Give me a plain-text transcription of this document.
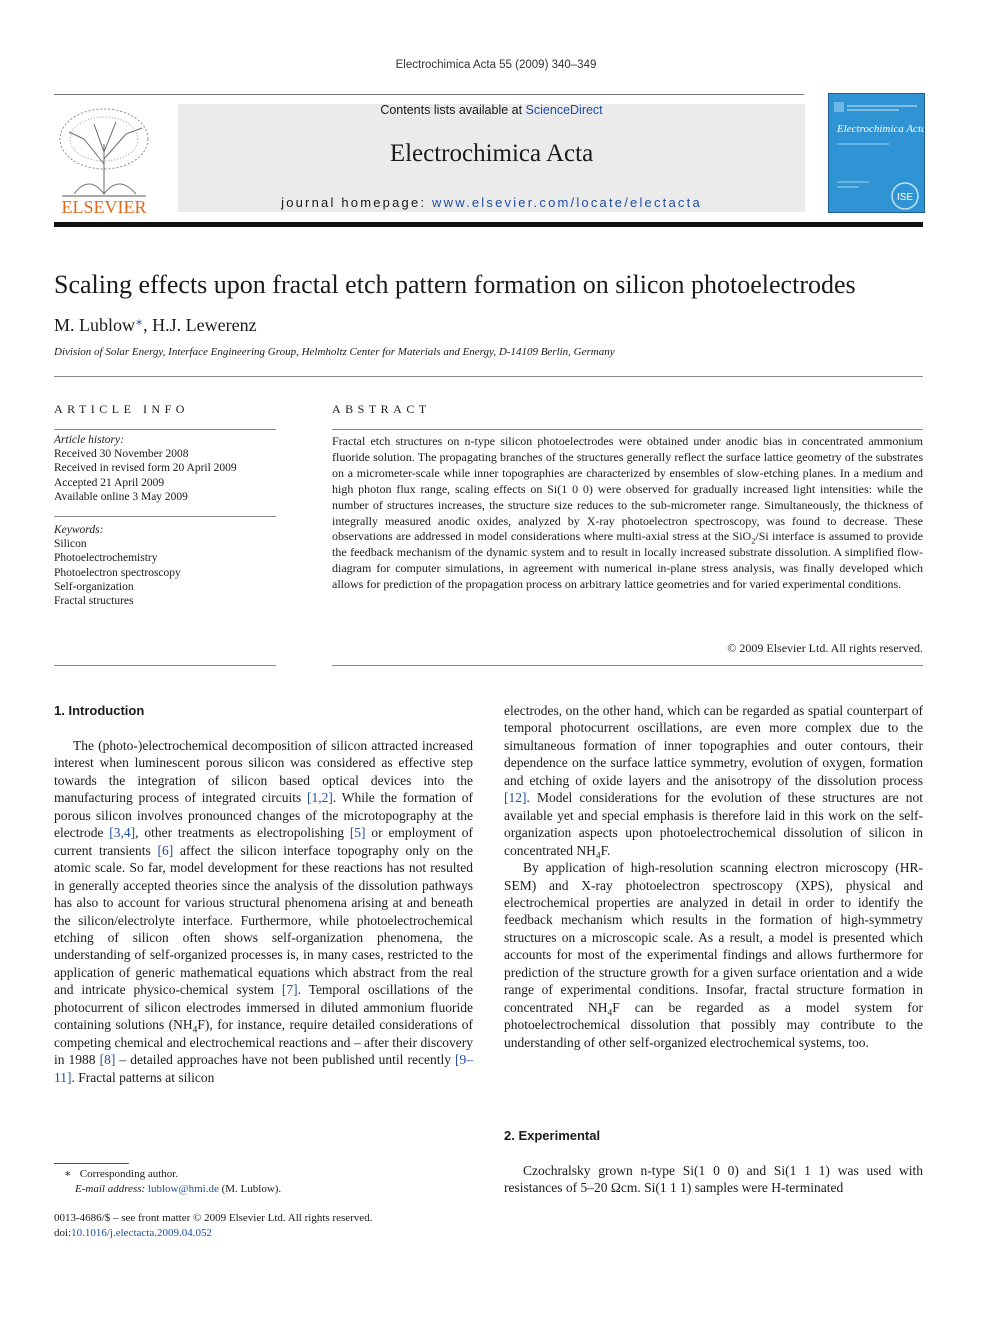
Electrochimica Acta 55 (2009) 340–349
ELSEVIER
Contents lists available at ScienceDirect
Electrochimica Acta
journal homepage: www.elsevier.com/locate/electacta
Electrochimica Acta
ISE
Scaling effects upon fractal etch pattern formation on silicon photoelectrodes
M. Lublow∗, H.J. Lewerenz
Division of Solar Energy, Interface Engineering Group, Helmholtz Center for Materials and Energy, D-14109 Berlin, Germany
ARTICLE INFO	ABSTRACT
Article history:
Received 30 November 2008
Received in revised form 20 April 2009
Accepted 21 April 2009
Available online 3 May 2009
Keywords:
Silicon
Photoelectrochemistry
Photoelectron spectroscopy
Self-organization
Fractal structures
Fractal etch structures on n-type silicon photoelectrodes were obtained under anodic bias in concentrated ammonium fluoride solution. The propagating branches of the structures generally reflect the surface lattice geometry of the substrates on a micrometer-scale while inner topographies are characterized by ensembles of slow-etching planes. In a medium and high photon flux range, scaling effects on Si(1 0 0) were observed for gradually increased light intensities: while the number of structures increases, the structure size reduces to the sub-micrometer range. Simultaneously, the thickness of integrally measured anodic oxides, analyzed by X-ray photoelectron spectroscopy, was found to decrease. These observations are addressed in model considerations where multi-axial stress at the SiO$_2$/Si interface is assumed to provide the feedback mechanism of the dynamic system and to result in locally increased substrate dissolution. A simplified flow-diagram for computer simulations, in agreement with numerical in-plane stress analysis, was finally developed which allows for prediction of the propagation process on arbitrary lattice geometries and for varied experimental conditions.
© 2009 Elsevier Ltd. All rights reserved.
1. Introduction

The (photo-)electrochemical decomposition of silicon attracted increased interest when luminescent porous silicon was considered as effective step towards the integration of silicon based optical devices into the manufacturing process of integrated circuits [1,2]. While the formation of porous silicon involves pronounced changes of the microtopography at the electrode [3,4], other treatments as electropolishing [5] or employment of current transients [6] affect the silicon interface topography only on the atomic scale. So far, model development for these reactions has not resulted in generally accepted theories since the analysis of the dissolution pathways has also to account for various structural phenomena arising at and beneath the silicon/electrolyte interface. Furthermore, while photoelectrochemical etching of silicon often shows self-organization phenomena, the understanding of self-organized processes is, in many cases, restricted to the application of generic mathematical equations which abstract from the real and intricate physico-chemical system [7]. Temporal oscillations of the photocurrent of silicon electrodes immersed in diluted ammonium fluoride containing solutions $(NH_4F)$, for instance, require detailed considerations of competing chemical and electrochemical reactions and – after their discovery in 1988 [8] – detailed approaches have not been published until recently [9–11]. Fractal patterns at silicon

electrodes, on the other hand, which can be regarded as spatial counterpart of temporal photocurrent oscillations, are even more complex due to the simultaneous formation of inner topographies and outer contours, their dependence on the surface lattice symmetry, evolution of oxygen, formation and etching of oxide layers and the anisotropy of the dissolution process [12]. Model considerations for the evolution of these structures are not available yet and special emphasis is therefore laid in this work on the self-organization aspects upon photoelectrochemical dissolution of silicon in concentrated $NH_4F$.

By application of high-resolution scanning electron microscopy (HR-SEM) and X-ray photoelectron spectroscopy (XPS), physical and electrochemical properties are analyzed in detail in order to identify the feedback mechanism which results in the formation of high-symmetry structures on a microscopic scale. As a result, a model is presented which accounts for most of the experimental findings and allows furthermore for prediction of the structure growth for a given surface orientation and a wide range of experimental conditions. Insofar, fractal structure formation in concentrated $NH_4F$ can be regarded as a model system for photoelectrochemical dissolution that possibly may contribute to the understanding of other self-organized electrochemical systems, too.

2. Experimental

Czochralsky grown n-type Si(1 0 0) and Si(1 1 1) was used with resistances of 5–20 Ωcm. Si(1 1 1) samples were H-terminated

∗ Corresponding author.
E-mail address: lublow@hmi.de (M. Lublow).
0013-4686/$ – see front matter © 2009 Elsevier Ltd. All rights reserved.
doi:10.1016/j.electacta.2009.04.052
